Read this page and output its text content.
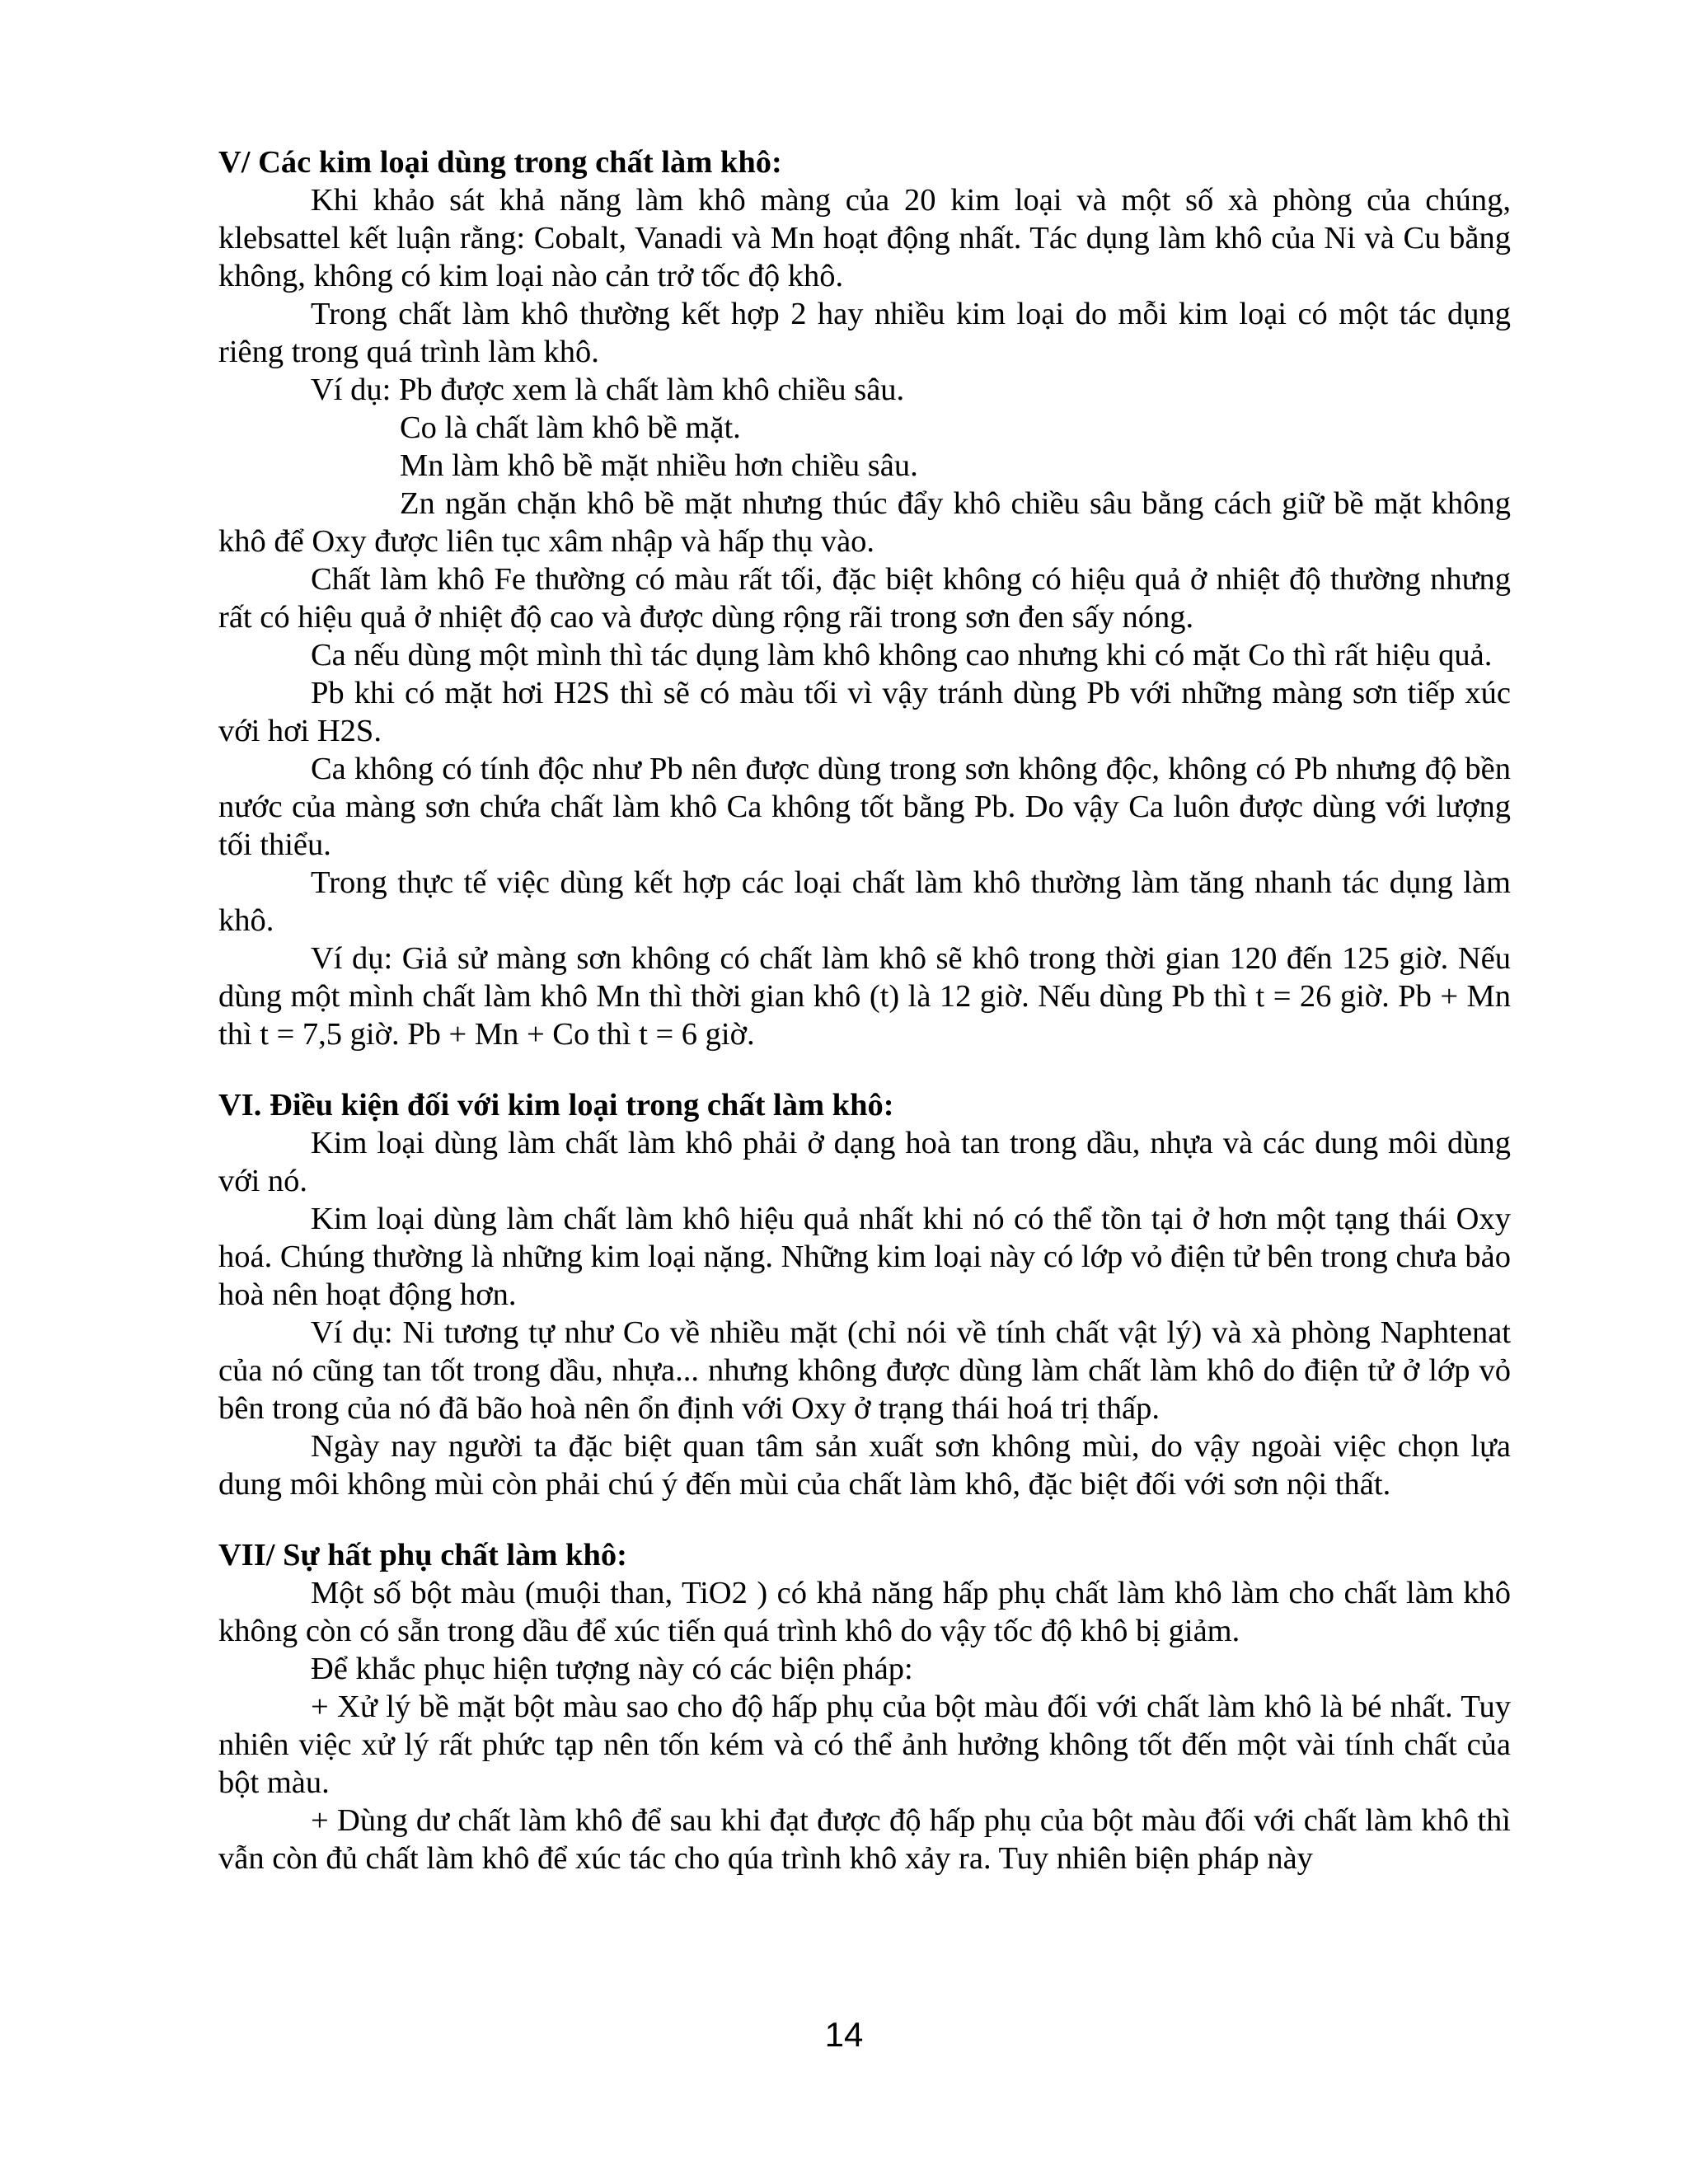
V/ Các kim loại dùng trong chất làm khô:

Khi khảo sát khả năng làm khô màng của 20 kim loại và một số xà phòng của chúng, klebsattel kết luận rằng: Cobalt, Vanadi và Mn hoạt động nhất. Tác dụng làm khô của Ni và Cu bằng không, không có kim loại nào cản trở tốc độ khô.

Trong chất làm khô thường kết hợp 2 hay nhiều kim loại do mỗi kim loại có một tác dụng riêng trong quá trình làm khô.

Ví dụ: Pb được xem là chất làm khô chiều sâu.

Co là chất làm khô bề mặt.

Mn làm khô bề mặt nhiều hơn chiều sâu.

Zn ngăn chặn khô bề mặt nhưng thúc đẩy khô chiều sâu bằng cách giữ bề mặt không khô để Oxy được liên tục xâm nhập và hấp thụ vào.

Chất làm khô Fe thường có màu rất tối, đặc biệt không có hiệu quả ở nhiệt độ thường nhưng rất có hiệu quả ở nhiệt độ cao và được dùng rộng rãi trong sơn đen sấy nóng.

Ca nếu dùng một mình thì tác dụng làm khô không cao nhưng khi có mặt Co thì rất hiệu quả.

Pb khi có mặt hơi H2S thì sẽ có màu tối vì vậy tránh dùng Pb với những màng sơn tiếp xúc với hơi H2S.

Ca không có tính độc như Pb nên được dùng trong sơn không độc, không có Pb nhưng độ bền nước của màng sơn chứa chất làm khô Ca không tốt bằng Pb. Do vậy Ca luôn được dùng với lượng tối thiểu.

Trong thực tế việc dùng kết hợp các loại chất làm khô thường làm tăng nhanh tác dụng làm khô.

Ví dụ: Giả sử màng sơn không có chất làm khô sẽ khô trong thời gian 120 đến 125 giờ. Nếu dùng một mình chất làm khô Mn thì thời gian khô (t) là 12 giờ. Nếu dùng Pb thì t = 26 giờ. Pb + Mn thì t = 7,5 giờ. Pb + Mn + Co thì t = 6 giờ.

VI. Điều kiện đối với kim loại trong chất làm khô:

Kim loại dùng làm chất làm khô phải ở dạng hoà tan trong dầu, nhựa và các dung môi dùng với nó.

Kim loại dùng làm chất làm khô hiệu quả nhất khi nó có thể tồn tại ở hơn một tạng thái Oxy hoá. Chúng thường là những kim loại nặng. Những kim loại này có lớp vỏ điện tử bên trong chưa bảo hoà nên hoạt động hơn.

Ví dụ: Ni tương tự như Co về nhiều mặt (chỉ nói về tính chất vật lý) và xà phòng Naphtenat của nó cũng tan tốt trong dầu, nhựa... nhưng không được dùng làm chất làm khô do điện tử ở lớp vỏ bên trong của nó đã bão hoà nên ổn định với Oxy ở trạng thái hoá trị thấp.

Ngày nay người ta đặc biệt quan tâm sản xuất sơn không mùi, do vậy ngoài việc chọn lựa dung môi không mùi còn phải chú ý đến mùi của chất làm khô, đặc biệt đối với sơn nội thất.

VII/ Sự hất phụ chất làm khô:

Một số bột màu (muội than, TiO2 ) có khả năng hấp phụ chất làm khô làm cho chất làm khô không còn có sẵn trong dầu để xúc tiến quá trình khô do vậy tốc độ khô bị giảm.

Để khắc phục hiện tượng này có các biện pháp:

+ Xử lý bề mặt bột màu sao cho độ hấp phụ của bột màu đối với chất làm khô là bé nhất. Tuy nhiên việc xử lý rất phức tạp nên tốn kém và có thể ảnh hưởng không tốt đến một vài tính chất của bột màu.

+ Dùng dư chất làm khô để sau khi đạt được độ hấp phụ của bột màu đối với chất làm khô thì vẫn còn đủ chất làm khô để xúc tác cho qúa trình khô xảy ra. Tuy nhiên biện pháp này

14
